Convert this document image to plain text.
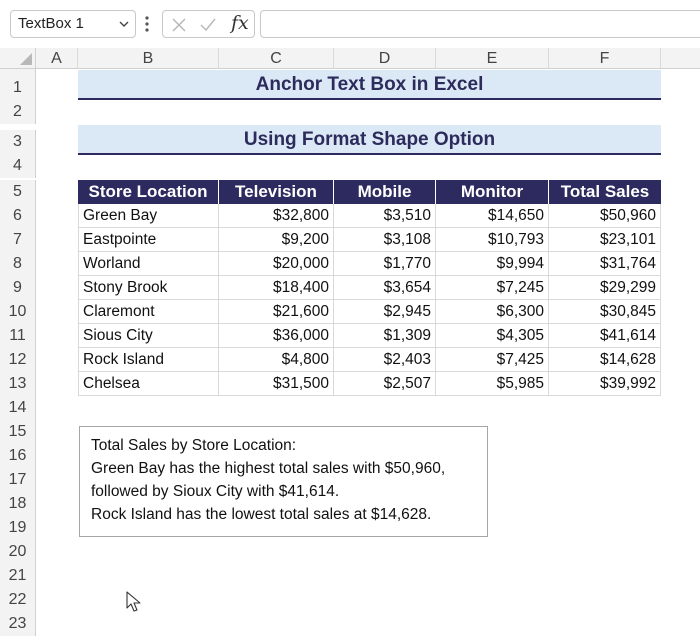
TextBox 1	fx
A	B	C	D	E	F
1
2
3
4
5
6
7
8
9
10
11
12
13
14
15
16
17
18
19
20
21
22
23
Anchor Text Box in Excel
Using Format Shape Option
Store Location	Television	Mobile	Monitor	Total Sales
Green Bay	$32,800	$3,510	$14,650	$50,960
Eastpointe	$9,200	$3,108	$10,793	$23,101
Worland	$20,000	$1,770	$9,994	$31,764
Stony Brook	$18,400	$3,654	$7,245	$29,299
Claremont	$21,600	$2,945	$6,300	$30,845
Sious City	$36,000	$1,309	$4,305	$41,614
Rock Island	$4,800	$2,403	$7,425	$14,628
Chelsea	$31,500	$2,507	$5,985	$39,992
Total Sales by Store Location:
Green Bay has the highest total sales with $50,960,
followed by Sioux City with $41,614.
Rock Island has the lowest total sales at $14,628.
